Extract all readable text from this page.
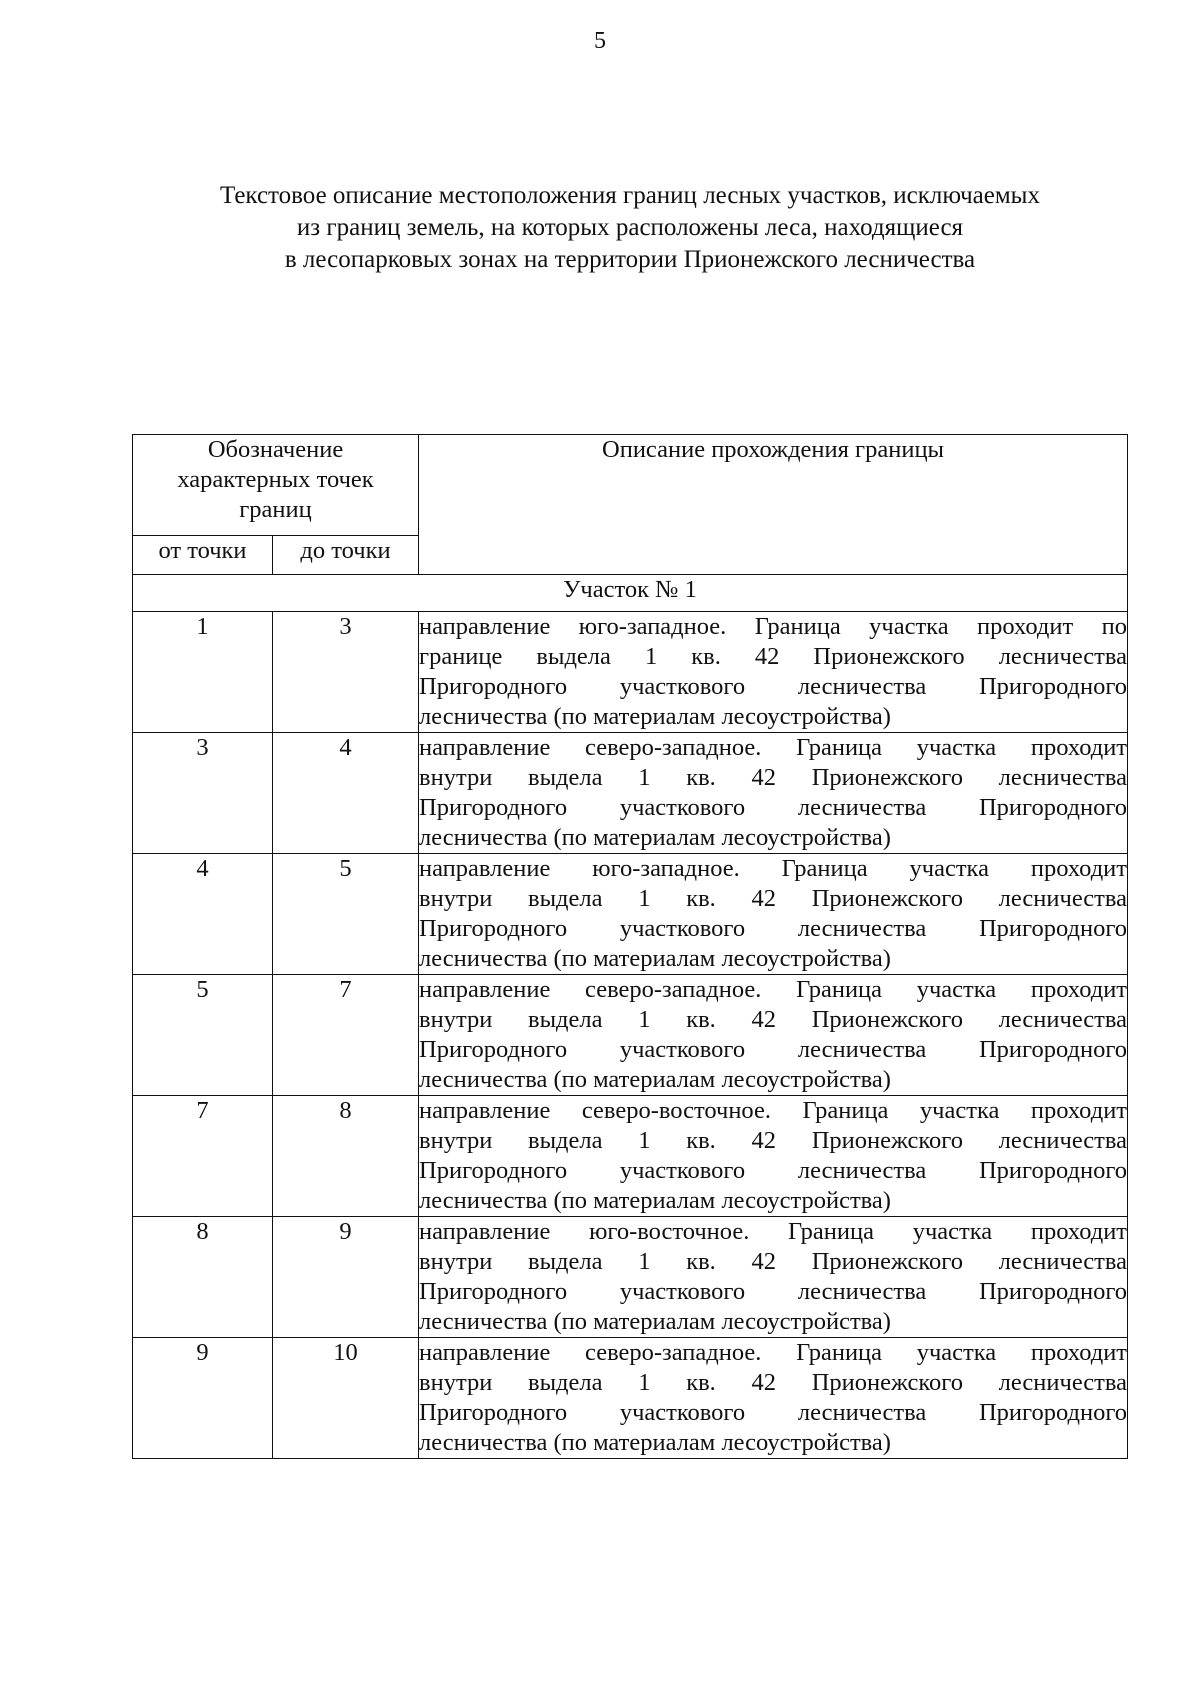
5
Текстовое описание местоположения границ лесных участков, исключаемых
из границ земель, на которых расположены леса, находящиеся
в лесопарковых зонах на территории Прионежского лесничества
Обозначение
характерных точек
границ		Описание прохождения границы
от точки	до точки	
Участок № 1		
1	3	направление юго-западное. Граница участка проходит по
границе выдела 1 кв. 42 Прионежского лесничества
Пригородного участкового лесничества Пригородного
лесничества (по материалам лесоустройства)

3	4	направление северо-западное. Граница участка проходит
внутри выдела 1 кв. 42 Прионежского лесничества
Пригородного участкового лесничества Пригородного
лесничества (по материалам лесоустройства)

4	5	направление юго-западное. Граница участка проходит
внутри выдела 1 кв. 42 Прионежского лесничества
Пригородного участкового лесничества Пригородного
лесничества (по материалам лесоустройства)

5	7	направление северо-западное. Граница участка проходит
внутри выдела 1 кв. 42 Прионежского лесничества
Пригородного участкового лесничества Пригородного
лесничества (по материалам лесоустройства)

7	8	направление северо-восточное. Граница участка проходит
внутри выдела 1 кв. 42 Прионежского лесничества
Пригородного участкового лесничества Пригородного
лесничества (по материалам лесоустройства)

8	9	направление юго-восточное. Граница участка проходит
внутри выдела 1 кв. 42 Прионежского лесничества
Пригородного участкового лесничества Пригородного
лесничества (по материалам лесоустройства)

9	10	направление северо-западное. Граница участка проходит
внутри выдела 1 кв. 42 Прионежского лесничества
Пригородного участкового лесничества Пригородного
лесничества (по материалам лесоустройства)
